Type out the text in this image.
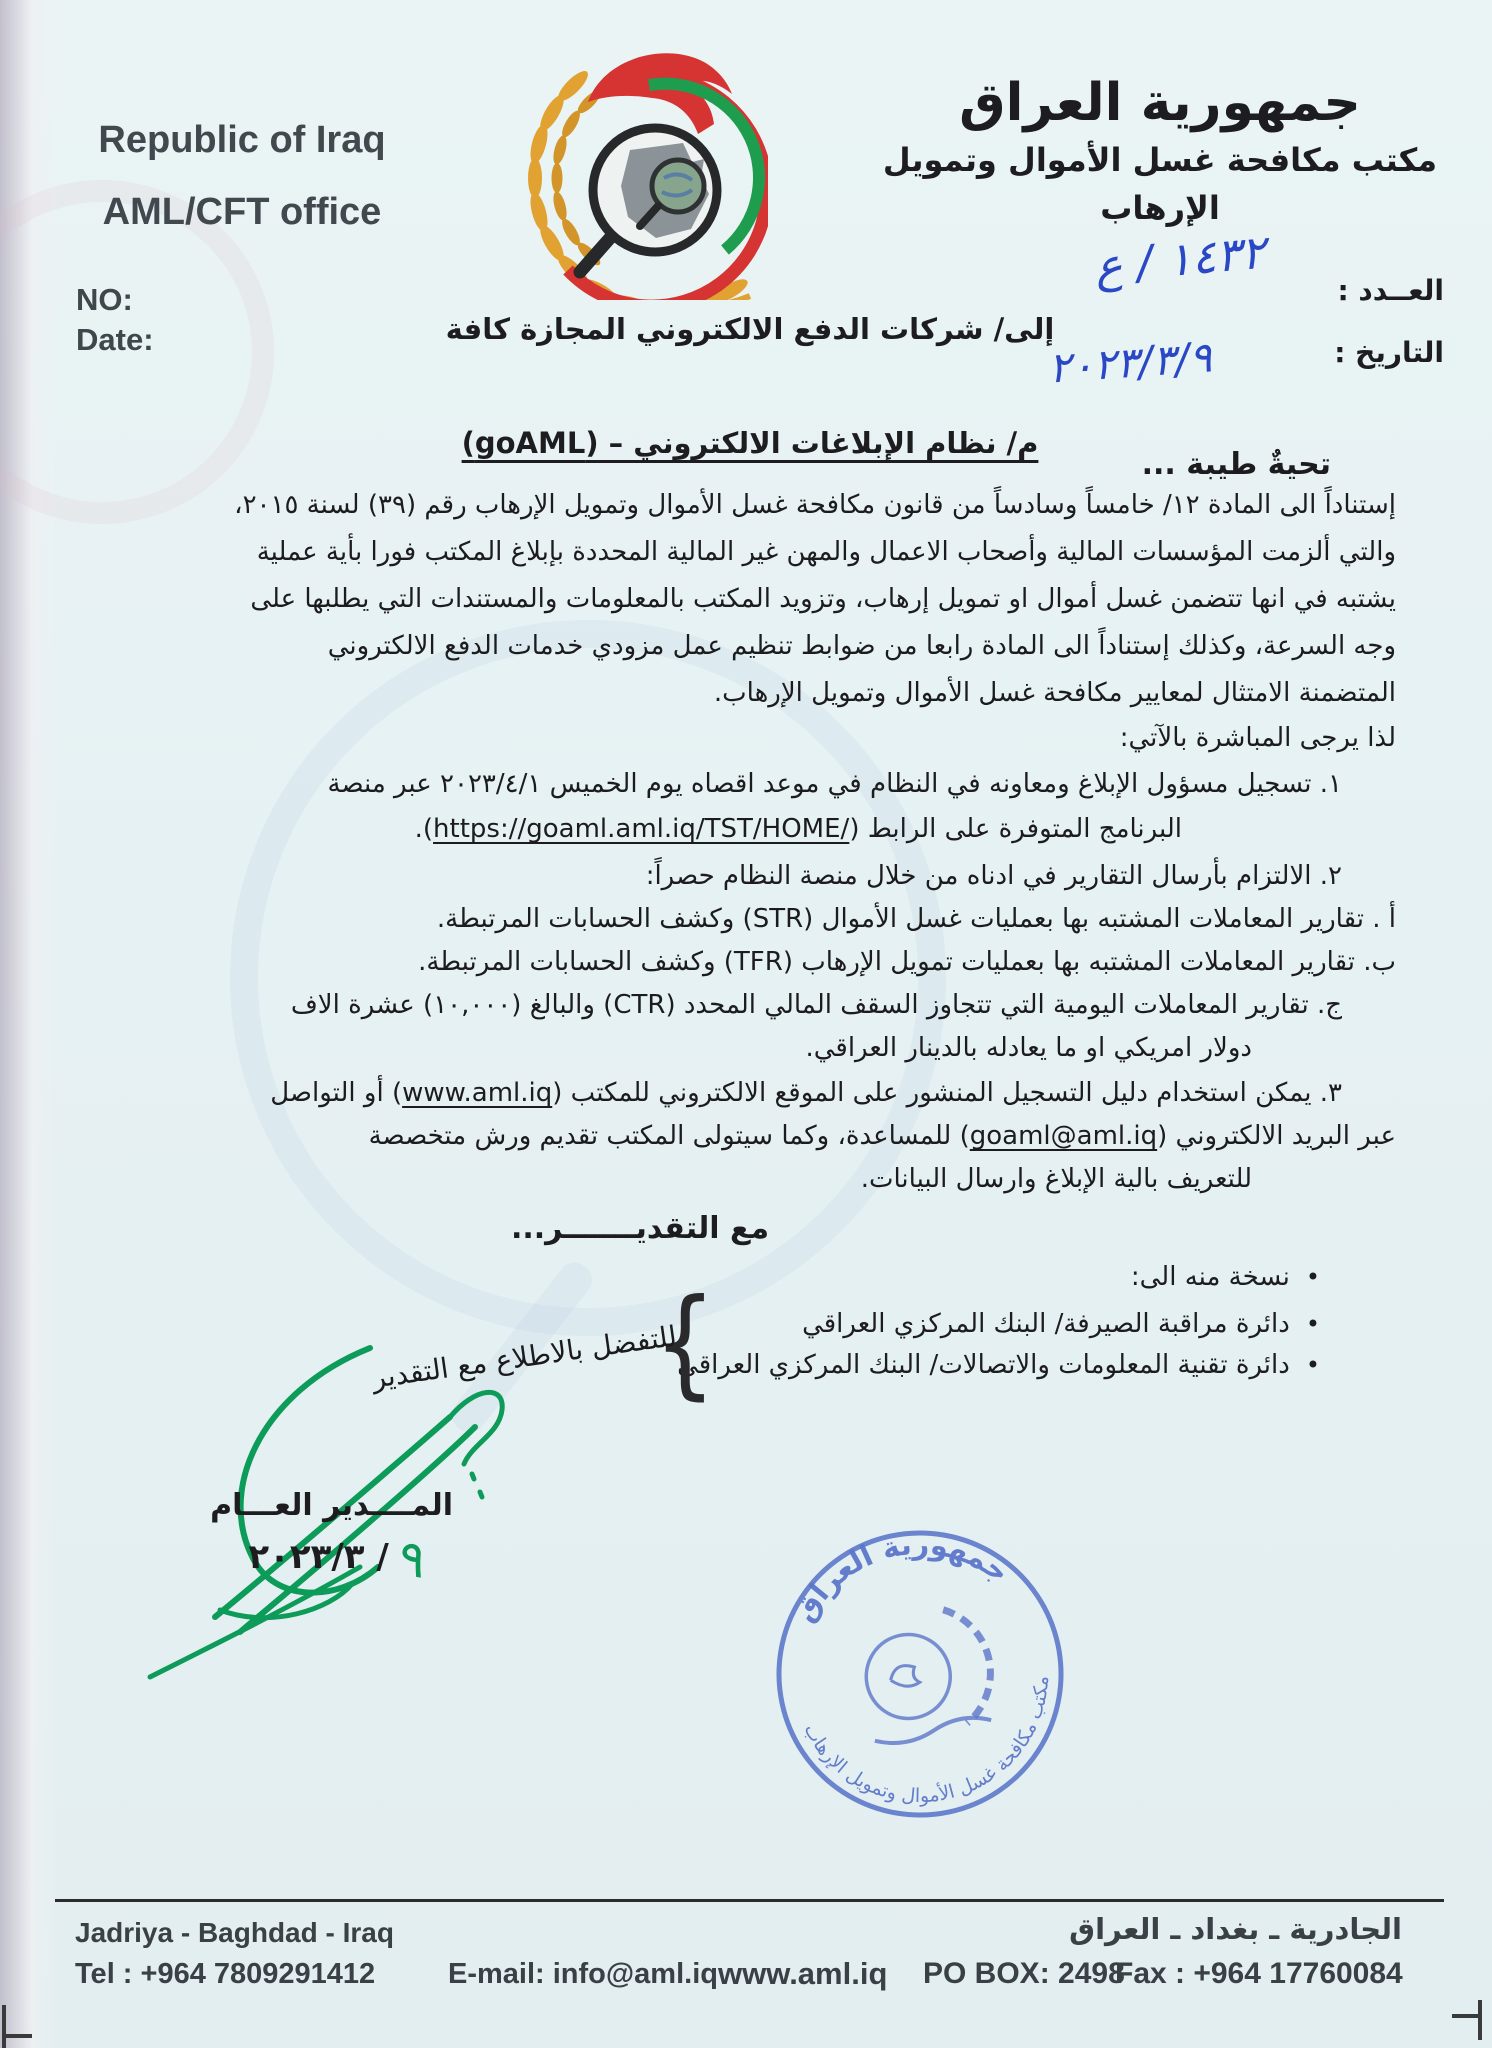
Republic of Iraq
AML/CFT office
جمهورية العراق
مكتب مكافحة غسل الأموال وتمويل الإرهاب
NO:
Date:
العــدد :
التاريخ :
١٤٣٢ / ع
٢٠٢٣/٣/٩
إلى/ شركات الدفع الالكتروني المجازة كافة
م/ نظام الإبلاغات الالكتروني – (goAML)
تحيةٌ طيبة ...
إستناداً الى المادة ١٢/ خامساً وسادساً من قانون مكافحة غسل الأموال وتمويل الإرهاب رقم (٣٩) لسنة ٢٠١٥،
والتي ألزمت المؤسسات المالية وأصحاب الاعمال والمهن غير المالية المحددة بإبلاغ المكتب فورا بأية عملية
يشتبه في انها تتضمن غسل أموال او تمويل إرهاب، وتزويد المكتب بالمعلومات والمستندات التي يطلبها على
وجه السرعة، وكذلك إستناداً الى المادة رابعا من ضوابط تنظيم عمل مزودي خدمات الدفع الالكتروني
المتضمنة الامتثال لمعايير مكافحة غسل الأموال وتمويل الإرهاب.
لذا يرجى المباشرة بالآتي:
١. تسجيل مسؤول الإبلاغ ومعاونه في النظام في موعد اقصاه يوم الخميس ٢٠٢٣/٤/١ عبر منصة
البرنامج المتوفرة على الرابط (https://goaml.aml.iq/TST/HOME/).
٢. الالتزام بأرسال التقارير في ادناه من خلال منصة النظام حصراً:
أ . تقارير المعاملات المشتبه بها بعمليات غسل الأموال (STR) وكشف الحسابات المرتبطة.
ب. تقارير المعاملات المشتبه بها بعمليات تمويل الإرهاب (TFR) وكشف الحسابات المرتبطة.
ج. تقارير المعاملات اليومية التي تتجاوز السقف المالي المحدد (CTR) والبالغ (١٠,٠٠٠) عشرة الاف
دولار امريكي او ما يعادله بالدينار العراقي.
٣. يمكن استخدام دليل التسجيل المنشور على الموقع الالكتروني للمكتب (www.aml.iq) أو التواصل
عبر البريد الالكتروني (goaml@aml.iq) للمساعدة، وكما سيتولى المكتب تقديم ورش متخصصة
للتعريف بالية الإبلاغ وارسال البيانات.
مع التقديـــــــر...
•نسخة منه الى:
•دائرة مراقبة الصيرفة/ البنك المركزي العراقي
•دائرة تقنية المعلومات والاتصالات/ البنك المركزي العراقي
{
للتفضل بالاطلاع مع التقدير
المــــدير العـــام
٢٠٢٣/٣ / ٩
جمهورية العراق
مكتب مكافحة غسل الأموال وتمويل الإرهاب
Jadriya - Baghdad - Iraq	الجادرية ـ بغداد ـ العراق
Tel : +964 7809291412	E-mail: info@aml.iq www.aml.iq PO BOX: 2498
Fax : +964 17760084
